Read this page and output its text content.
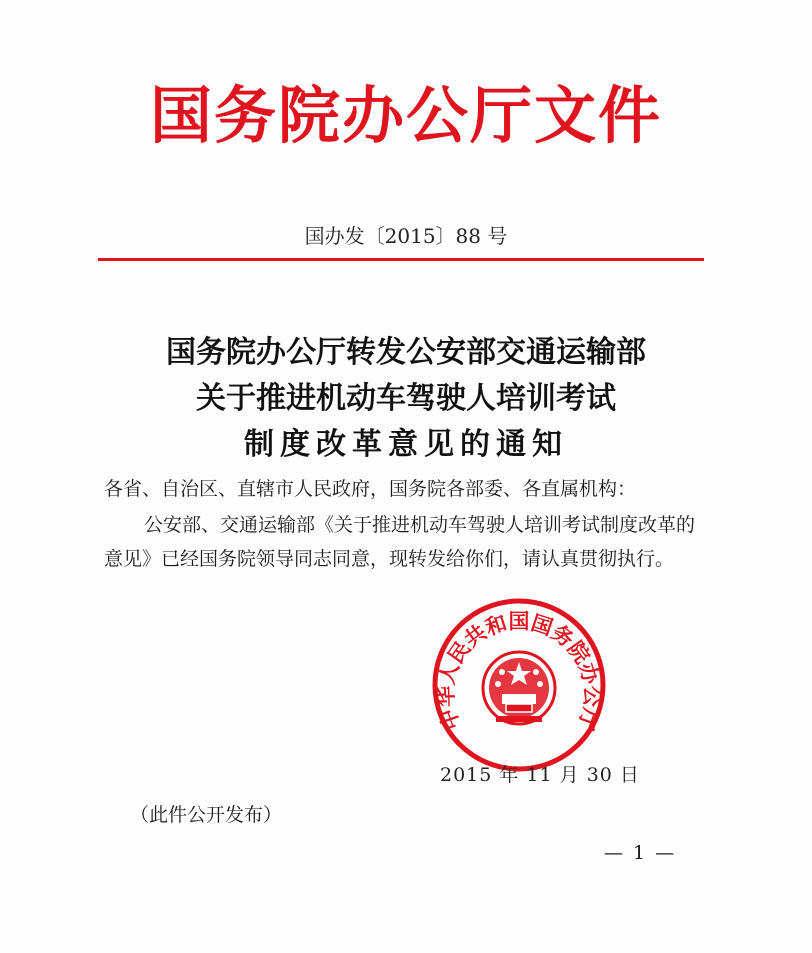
国务院办公厅文件
国办发〔2015〕88 号
国务院办公厅转发公安部交通运输部
关于推进机动车驾驶人培训考试
制度改革意见的通知
各省、自治区、直辖市人民政府，国务院各部委、各直属机构：
公安部、交通运输部《关于推进机动车驾驶人培训考试制度改革的意见》已经国务院领导同志同意，现转发给你们，请认真贯彻执行。
中华人民共和国国务院办公厅
2015 年 11 月 30 日
（此件公开发布）
— 1 —
